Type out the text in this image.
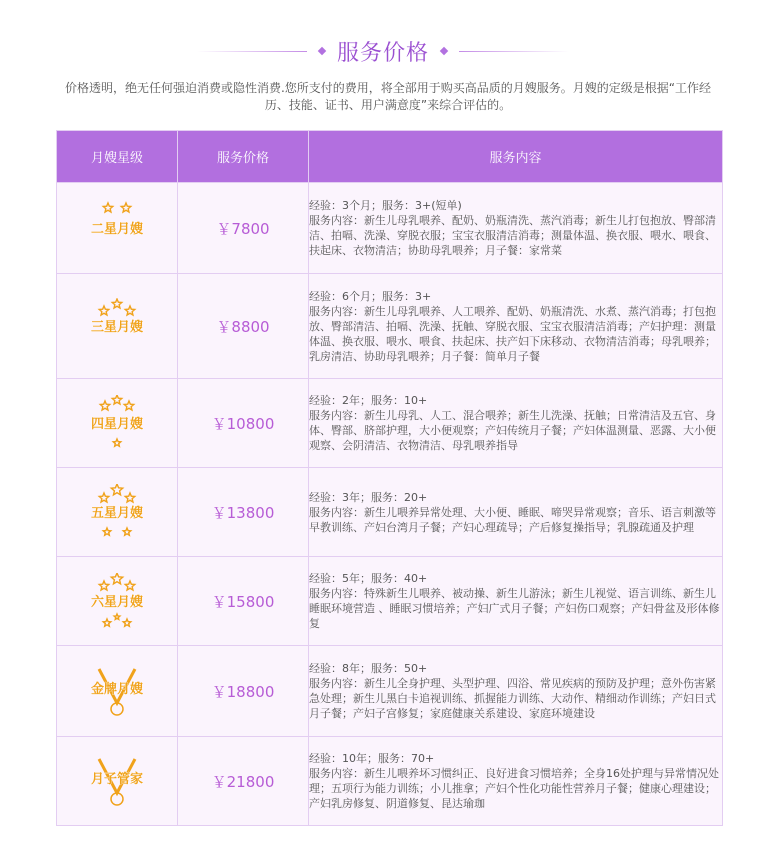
服务价格
价格透明，绝无任何强迫消费或隐性消费.您所支付的费用，将全部用于购买高品质的月嫂服务。月嫂的定级是根据“工作经历、技能、证书、用户满意度”来综合评估的。
月嫂星级	服务价格	服务内容

二星月嫂	￥7800	经验：3个月；服务：3+(短单)
服务内容：新生儿母乳喂养、配奶、奶瓶清洗、蒸汽消毒；新生儿打包抱放、臀部清洁、拍嗝、洗澡、穿脱衣服；宝宝衣服清洁消毒；测量体温、换衣服、喂水、喂食、扶起床、衣物清洁；协助母乳喂养；月子餐：家常菜

三星月嫂	￥8800	经验：6个月；服务：3+
服务内容：新生儿母乳喂养、人工喂养、配奶、奶瓶清洗、水煮、蒸汽消毒；打包抱放、臀部清洁、拍嗝、洗澡、抚触、穿脱衣服、宝宝衣服清洁消毒；产妇护理：测量体温、换衣服、喂水、喂食、扶起床、扶产妇下床移动、衣物清洁消毒；母乳喂养；乳房清洁、协助母乳喂养；月子餐：简单月子餐

四星月嫂	￥10800	经验：2年；服务：10+
服务内容：新生儿母乳、人工、混合喂养；新生儿洗澡、抚触；日常清洁及五官、身体、臀部、脐部护理，大小便观察；产妇传统月子餐；产妇体温测量、恶露、大小便观察、会阴清洁、衣物清洁、母乳喂养指导

五星月嫂	￥13800	经验：3年；服务：20+
服务内容：新生儿喂养异常处理、大小便、睡眠、啼哭异常观察；音乐、语言刺激等早教训练、产妇台湾月子餐；产妇心理疏导；产后修复操指导；乳腺疏通及护理

六星月嫂	￥15800	经验：5年；服务：40+
服务内容：特殊新生儿喂养、被动操、新生儿游泳；新生儿视觉、语言训练、新生儿睡眠环境营造 、睡眠习惯培养；产妇广式月子餐；产妇伤口观察；产妇骨盆及形体修复

金牌月嫂	￥18800	经验：8年；服务：50+
服务内容：新生儿全身护理、头型护理、四浴、常见疾病的预防及护理；意外伤害紧急处理；新生儿黑白卡追视训练、抓握能力训练、大动作、精细动作训练；产妇日式月子餐；产妇子宫修复；家庭健康关系建设、家庭环境建设

月子管家	￥21800	经验：10年；服务：70+
服务内容：新生儿喂养坏习惯纠正、良好进食习惯培养；全身16处护理与异常情况处理；五项行为能力训练；小儿推拿；产妇个性化功能性营养月子餐；健康心理建设；产妇乳房修复、阴道修复、昆达瑜珈
